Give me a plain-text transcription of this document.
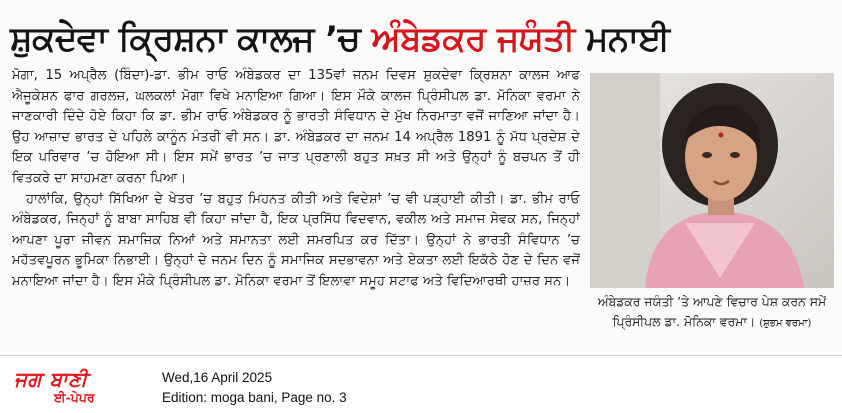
ਸ਼ੁਕਦੇਵਾ ਕ੍ਰਿਸ਼ਨਾ ਕਾਲਜ ’ਚ ਅੰਬੇਡਕਰ ਜਯੰਤੀ ਮਨਾਈ

ਮੋਗਾ, 15 ਅਪ੍ਰੈਲ (ਬਿੰਦਾ)-ਡਾ. ਭੀਮ ਰਾਓ ਅੰਬੇਡਕਰ ਦਾ 135ਵਾਂ ਜਨਮ ਦਿਵਸ ਸ਼ੁਕਦੇਵਾ ਕ੍ਰਿਸ਼ਨਾ ਕਾਲਜ ਆਫ ਐਜੂਕੇਸ਼ਨ ਫਾਰ ਗਰਲਜ਼, ਘਲਕਲਾਂ ਮੋਗਾ ਵਿਖੇ ਮਨਾਇਆ ਗਿਆ। ਇਸ ਮੌਕੇ ਕਾਲਜ ਪ੍ਰਿੰਸੀਪਲ ਡਾ. ਮੋਨਿਕਾ ਵਰਮਾ ਨੇ ਜਾਣਕਾਰੀ ਦਿੰਦੇ ਹੋਏ ਕਿਹਾ ਕਿ ਡਾ. ਭੀਮ ਰਾਓ ਅੰਬੇਡਕਰ ਨੂੰ ਭਾਰਤੀ ਸੰਵਿਧਾਨ ਦੇ ਮੁੱਖ ਨਿਰਮਾਤਾ ਵਜੋਂ ਜਾਣਿਆ ਜਾਂਦਾ ਹੈ। ਉਹ ਆਜ਼ਾਦ ਭਾਰਤ ਦੇ ਪਹਿਲੇ ਕਾਨੂੰਨ ਮੰਤਰੀ ਵੀ ਸਨ। ਡਾ. ਅੰਬੇਡਕਰ ਦਾ ਜਨਮ 14 ਅਪ੍ਰੈਲ 1891 ਨੂੰ ਮੱਧ ਪ੍ਰਦੇਸ਼ ਦੇ ਇਕ ਪਰਿਵਾਰ ’ਚ ਹੋਇਆ ਸੀ। ਇਸ ਸਮੇਂ ਭਾਰਤ ’ਚ ਜਾਤ ਪ੍ਰਣਾਲੀ ਬਹੁਤ ਸਖ਼ਤ ਸੀ ਅਤੇ ਉਨ੍ਹਾਂ ਨੂੰ ਬਚਪਨ ਤੋਂ ਹੀ ਵਿਤਕਰੇ ਦਾ ਸਾਹਮਣਾ ਕਰਨਾ ਪਿਆ।

ਹਾਲਾਂਕਿ, ਉਨ੍ਹਾਂ ਸਿੱਖਿਆ ਦੇ ਖੇਤਰ ’ਚ ਬਹੁਤ ਮਿਹਨਤ ਕੀਤੀ ਅਤੇ ਵਿਦੇਸ਼ਾਂ ’ਚ ਵੀ ਪੜ੍ਹਾਈ ਕੀਤੀ। ਡਾ. ਭੀਮ ਰਾਓ ਅੰਬੇਡਕਰ, ਜਿਨ੍ਹਾਂ ਨੂੰ ਬਾਬਾ ਸਾਹਿਬ ਵੀ ਕਿਹਾ ਜਾਂਦਾ ਹੈ, ਇਕ ਪ੍ਰਸਿੱਧ ਵਿਦਵਾਨ, ਵਕੀਲ ਅਤੇ ਸਮਾਜ ਸੇਵਕ ਸਨ, ਜਿਨ੍ਹਾਂ ਆਪਣਾ ਪੂਰਾ ਜੀਵਨ ਸਮਾਜਿਕ ਨਿਆਂ ਅਤੇ ਸਮਾਨਤਾ ਲਈ ਸਮਰਪਿਤ ਕਰ ਦਿੱਤਾ। ਉਨ੍ਹਾਂ ਨੇ ਭਾਰਤੀ ਸੰਵਿਧਾਨ ’ਚ ਮਹੱਤਵਪੂਰਨ ਭੂਮਿਕਾ ਨਿਭਾਈ। ਉਨ੍ਹਾਂ ਦੇ ਜਨਮ ਦਿਨ ਨੂੰ ਸਮਾਜਿਕ ਸਦਭਾਵਨਾ ਅਤੇ ਏਕਤਾ ਲਈ ਇਕੱਠੇ ਹੋਣ ਦੇ ਦਿਨ ਵਜੋਂ ਮਨਾਇਆ ਜਾਂਦਾ ਹੈ। ਇਸ ਮੌਕੇ ਪ੍ਰਿੰਸੀਪਲ ਡਾ. ਮੋਨਿਕਾ ਵਰਮਾ ਤੋਂ ਇਲਾਵਾ ਸਮੂਹ ਸਟਾਫ ਅਤੇ ਵਿਦਿਆਰਥੀ ਹਾਜ਼ਰ ਸਨ।

ਅੰਬੇਡਕਰ ਜਯੰਤੀ ’ਤੇ ਆਪਣੇ ਵਿਚਾਰ ਪੇਸ਼ ਕਰਨ ਸਮੇਂ ਪ੍ਰਿੰਸੀਪਲ ਡਾ. ਮੋਨਿਕਾ ਵਰਮਾ। (ਸ਼ੁਭਮ ਵਰਮਾ)
ਜਗ ਬਾਣੀ
ਈ-ਪੇਪਰ
Wed,16 April 2025
Edition: moga bani, Page no. 3
